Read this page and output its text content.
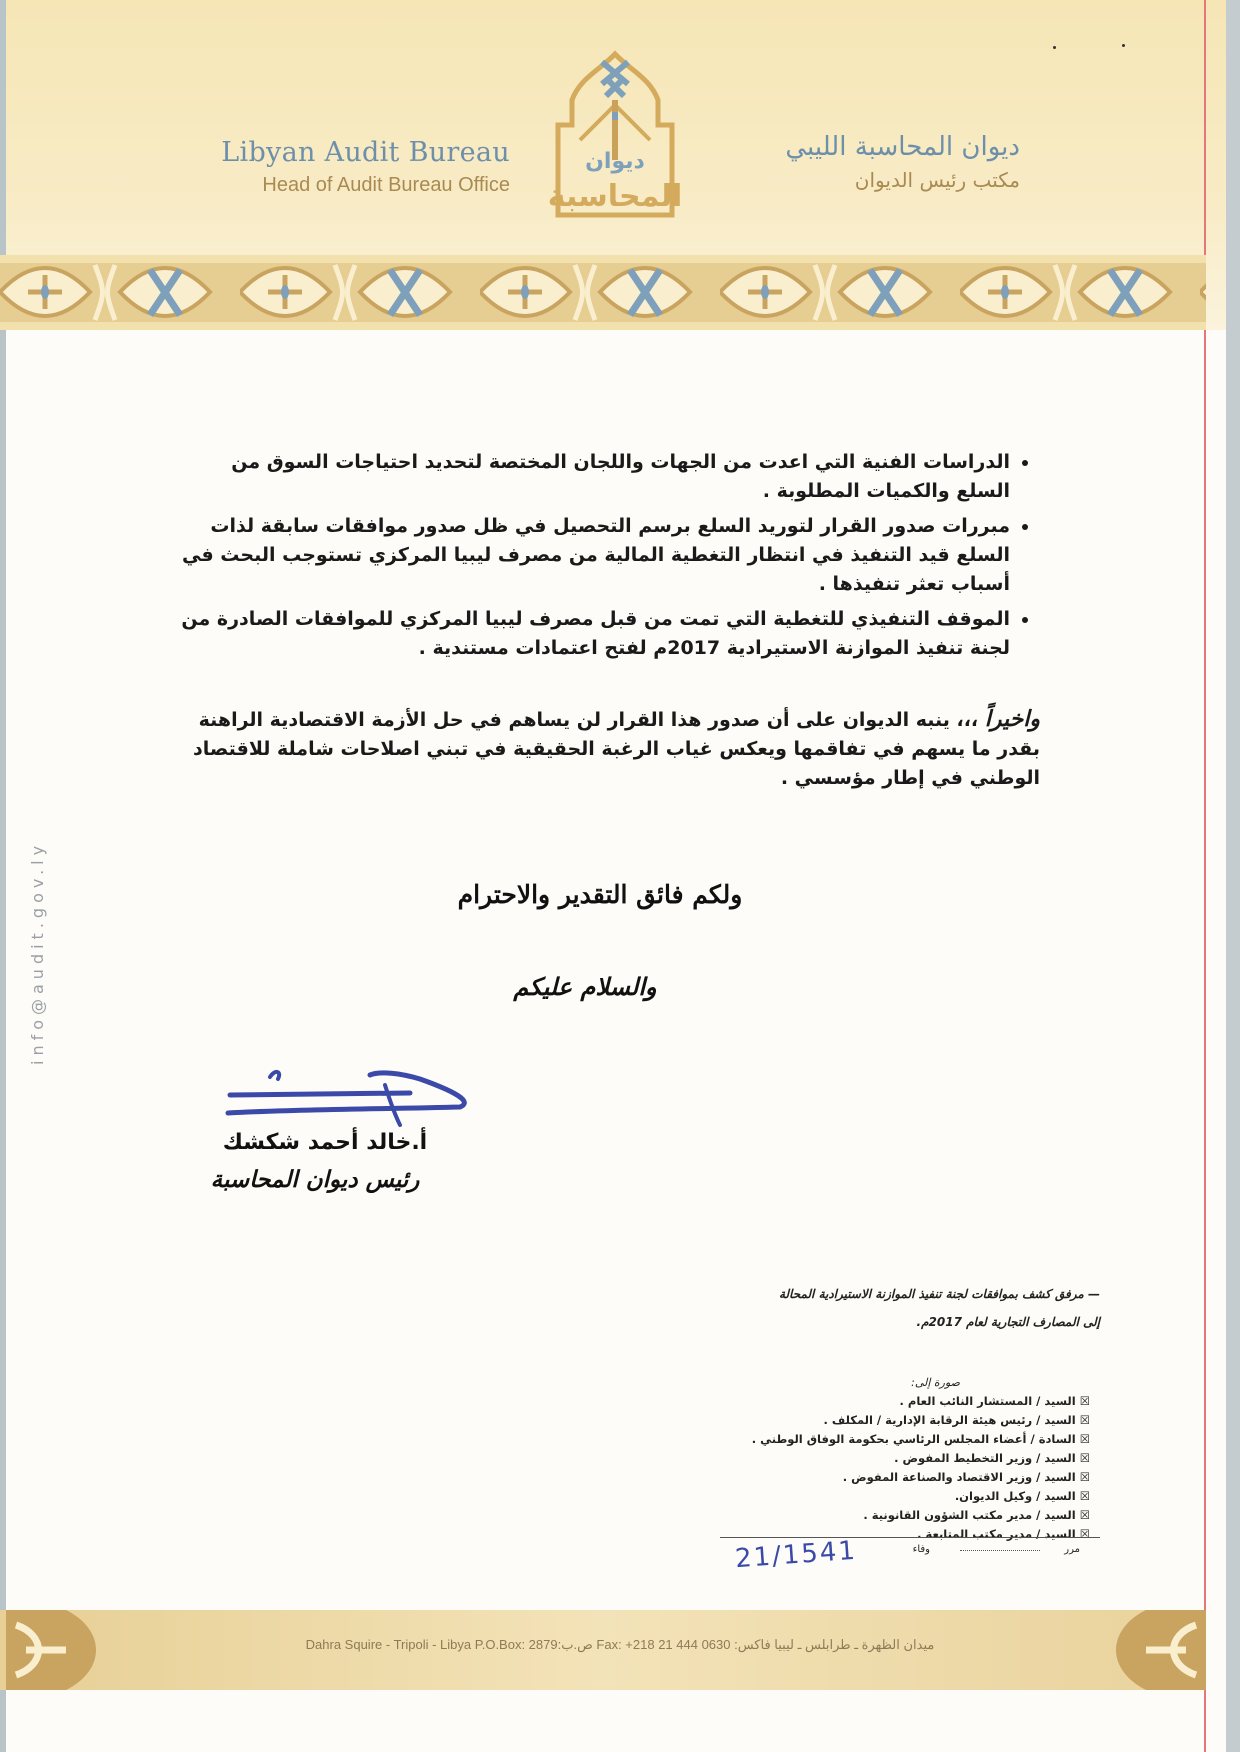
Libyan Audit Bureau
Head of Audit Bureau Office
ديوان
المحاسبة
ديوان المحاسبة الليبي
مكتب رئيس الديوان
info@audit.gov.ly
• الدراسات الفنية التي اعدت من الجهات واللجان المختصة لتحديد احتياجات السوق من السلع والكميات المطلوبة .
• مبررات صدور القرار لتوريد السلع برسم التحصيل في ظل صدور موافقات سابقة لذات السلع قيد التنفيذ في انتظار التغطية المالية من مصرف ليبيا المركزي تستوجب البحث في أسباب تعثر تنفيذها .
• الموقف التنفيذي للتغطية التي تمت من قبل مصرف ليبيا المركزي للموافقات الصادرة من لجنة تنفيذ الموازنة الاستيرادية 2017م لفتح اعتمادات مستندية .
واخيراً ،،، ينبه الديوان على أن صدور هذا القرار لن يساهم في حل الأزمة الاقتصادية الراهنة بقدر ما يسهم في تفاقمها ويعكس غياب الرغبة الحقيقية في تبني اصلاحات شاملة للاقتصاد الوطني في إطار مؤسسي .
ولكم فائق التقدير والاحترام
والسلام عليكم
أ.خالد أحمد شكشك
رئيس ديوان المحاسبة
— مرفق كشف بموافقات لجنة تنفيذ الموازنة الاستيرادية المحالة
إلى المصارف التجارية لعام 2017م.
صورة إلى:
☒السيد / المستشار النائب العام .
☒السيد / رئيس هيئة الرقابة الإدارية / المكلف .
☒السادة / أعضاء المجلس الرئاسي بحكومة الوفاق الوطني .
☒السيد / وزير التخطيط المفوض .
☒السيد / وزير الاقتصاد والصناعة المفوض .
☒السيد / وكيل الديوان.
☒السيد / مدير مكتب الشؤون القانونية .
☒السيد / مدير مكتب المتابعة .
مرر
وفاء
21/1541
Dahra Squire - Tripoli - Libya P.O.Box: 2879:ص.ب Fax: +218 21 444 0630 :ميدان الظهرة ـ طرابلس ـ ليبيا فاكس
